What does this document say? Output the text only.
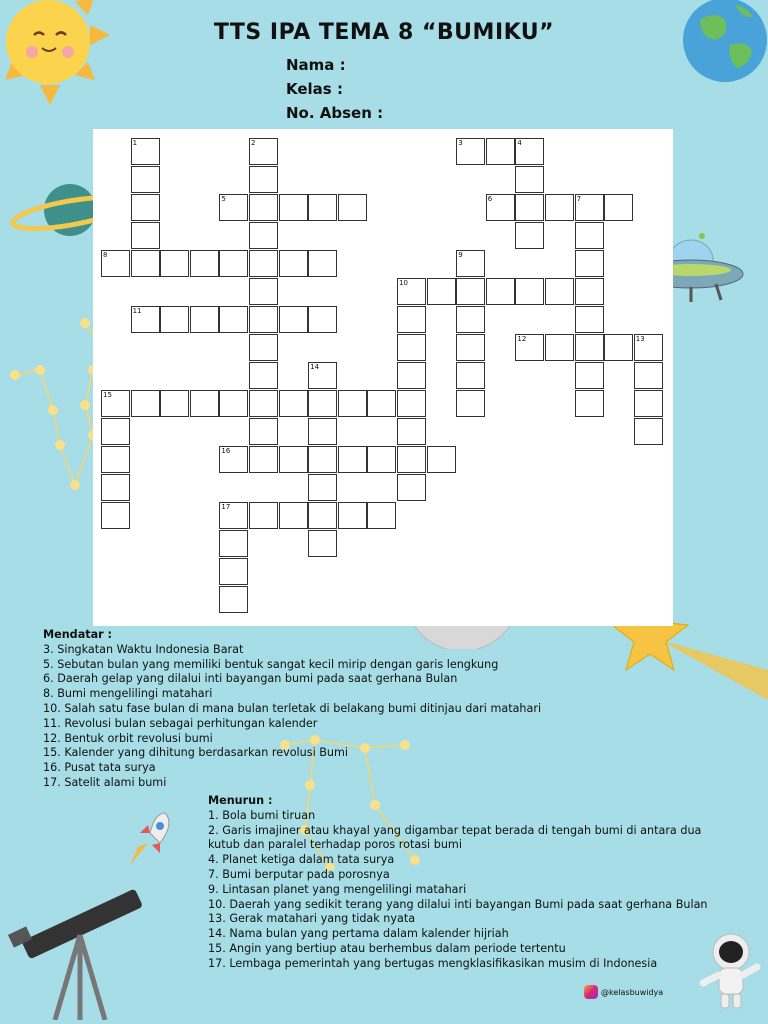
TTS IPA TEMA 8 “BUMIKU”
Nama :
Kelas :
No. Absen :
1	2	3	4
5	6	7
8	9
10
11
12	13
14
15
16
17
Mendatar :
3. Singkatan Waktu Indonesia Barat
5. Sebutan bulan yang memiliki bentuk sangat kecil mirip dengan garis lengkung
6. Daerah gelap yang dilalui inti bayangan bumi pada saat gerhana Bulan
8. Bumi mengelilingi matahari
10. Salah satu fase bulan di mana bulan terletak di belakang bumi ditinjau dari matahari
11. Revolusi bulan sebagai perhitungan kalender
12. Bentuk orbit revolusi bumi
15. Kalender yang dihitung berdasarkan revolusi Bumi
16. Pusat tata surya
17. Satelit alami bumi
Menurun :
1. Bola bumi tiruan
2. Garis imajiner atau khayal yang digambar tepat berada di tengah bumi di antara dua
kutub dan paralel terhadap poros rotasi bumi
4. Planet ketiga dalam tata surya
7. Bumi berputar pada porosnya
9. Lintasan planet yang mengelilingi matahari
10. Daerah yang sedikit terang yang dilalui inti bayangan Bumi pada saat gerhana Bulan
13. Gerak matahari yang tidak nyata
14. Nama bulan yang pertama dalam kalender hijriah
15. Angin yang bertiup atau berhembus dalam periode tertentu
17. Lembaga pemerintah yang bertugas mengklasifikasikan musim di Indonesia
@kelasbuwidya
